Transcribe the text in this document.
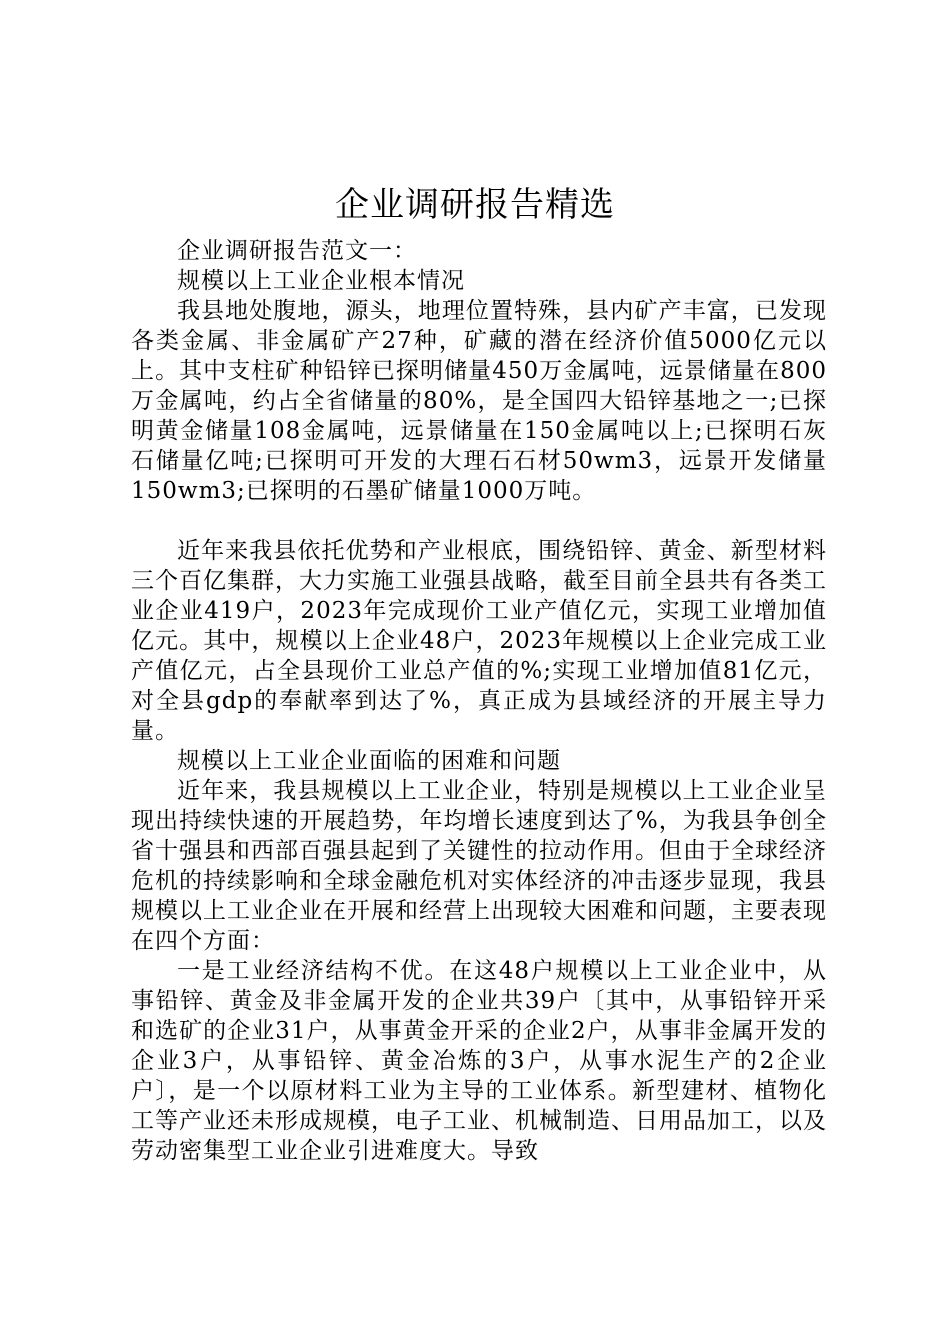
企业调研报告精选

企业调研报告范文一：

规模以上工业企业根本情况

我县地处腹地，源头，地理位置特殊，县内矿产丰富，已发现各类金属、非金属矿产27种，矿藏的潜在经济价值5000亿元以上。其中支柱矿种铅锌已探明储量450万金属吨，远景储量在800万金属吨，约占全省储量的80%，是全国四大铅锌基地之一;已探明黄金储量108金属吨，远景储量在150金属吨以上;已探明石灰石储量亿吨;已探明可开发的大理石石材50wm3，远景开发储量150wm3;已探明的石墨矿储量1000万吨。

近年来我县依托优势和产业根底，围绕铅锌、黄金、新型材料三个百亿集群，大力实施工业强县战略，截至目前全县共有各类工业企业419户，2023年完成现价工业产值亿元，实现工业增加值亿元。其中，规模以上企业48户，2023年规模以上企业完成工业产值亿元，占全县现价工业总产值的%;实现工业增加值81亿元，对全县gdp的奉献率到达了%，真正成为县域经济的开展主导力量。

规模以上工业企业面临的困难和问题

近年来，我县规模以上工业企业，特别是规模以上工业企业呈现出持续快速的开展趋势，年均增长速度到达了%，为我县争创全省十强县和西部百强县起到了关键性的拉动作用。但由于全球经济危机的持续影响和全球金融危机对实体经济的冲击逐步显现，我县规模以上工业企业在开展和经营上出现较大困难和问题，主要表现在四个方面：

一是工业经济结构不优。在这48户规模以上工业企业中，从事铅锌、黄金及非金属开发的企业共39户〔其中，从事铅锌开采和选矿的企业31户，从事黄金开采的企业2户，从事非金属开发的企业3户，从事铅锌、黄金冶炼的3户，从事水泥生产的2企业户〕，是一个以原材料工业为主导的工业体系。新型建材、植物化工等产业还未形成规模，电子工业、机械制造、日用品加工，以及劳动密集型工业企业引进难度大。导致
